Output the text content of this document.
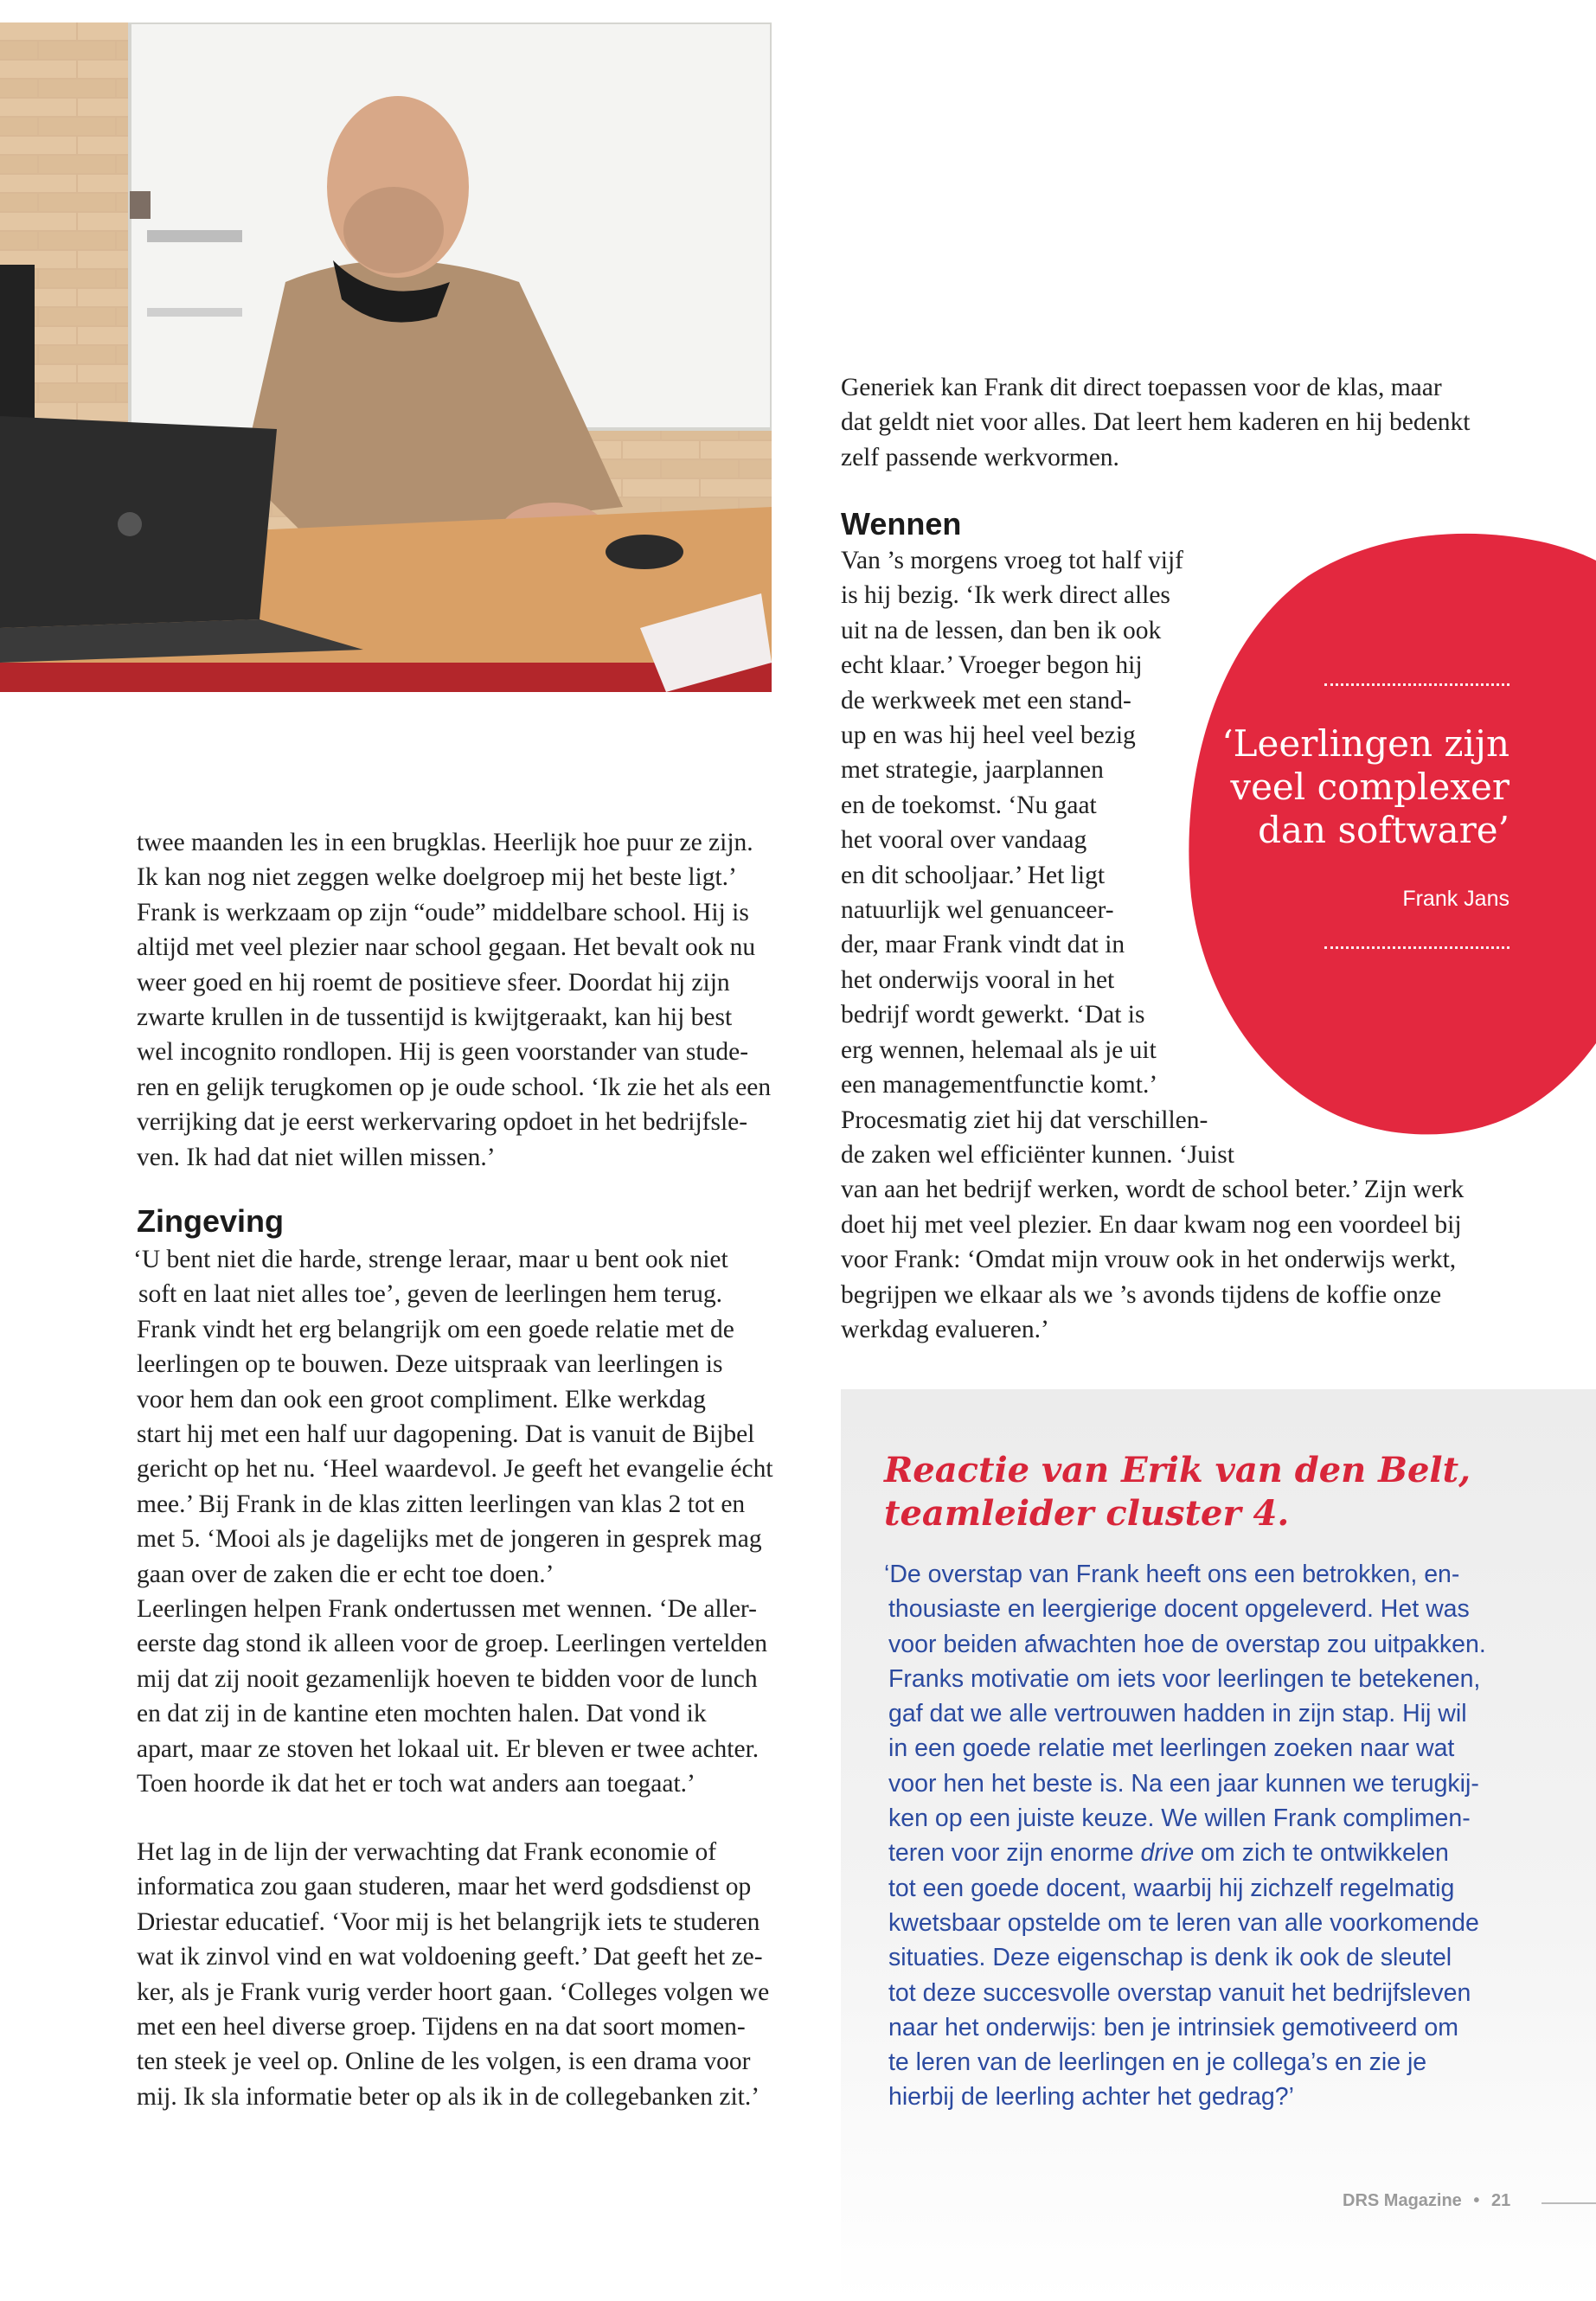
Generiek kan Frank dit direct toepassen voor de klas, maar

dat geldt niet voor alles. Dat leert hem kaderen en hij bedenkt

zelf passende werkvormen.

‘Leerlingen zijn
veel complexer
dan software’
Frank Jans
Wennen

Van ’s morgens vroeg tot half vijf

is hij bezig. ‘Ik werk direct alles

uit na de lessen, dan ben ik ook

echt klaar.’ Vroeger begon hij

de werkweek met een stand-

up en was hij heel veel bezig

met strategie, jaarplannen

en de toekomst. ‘Nu gaat

het vooral over vandaag

en dit schooljaar.’ Het ligt

natuurlijk wel genuanceer-

der, maar Frank vindt dat in

het onderwijs vooral in het

bedrijf wordt gewerkt. ‘Dat is

erg wennen, helemaal als je uit

een managementfunctie komt.’

Procesmatig ziet hij dat verschillen-

de zaken wel efficiënter kunnen. ‘Juist

van aan het bedrijf werken, wordt de school beter.’ Zijn werk

doet hij met veel plezier. En daar kwam nog een voordeel bij

voor Frank: ‘Omdat mijn vrouw ook in het onderwijs werkt,

begrijpen we elkaar als we ’s avonds tijdens de koffie onze

werkdag evalueren.’

twee maanden les in een brugklas. Heerlijk hoe puur ze zijn.

Ik kan nog niet zeggen welke doelgroep mij het beste ligt.’

Frank is werkzaam op zijn “oude” middelbare school. Hij is

altijd met veel plezier naar school gegaan. Het bevalt ook nu

weer goed en hij roemt de positieve sfeer. Doordat hij zijn

zwarte krullen in de tussentijd is kwijtgeraakt, kan hij best

wel incognito rondlopen. Hij is geen voorstander van stude-

ren en gelijk terugkomen op je oude school. ‘Ik zie het als een

verrijking dat je eerst werkervaring opdoet in het bedrijfsle-

ven. Ik had dat niet willen missen.’

Zingeving

‘U bent niet die harde, strenge leraar, maar u bent ook niet

soft en laat niet alles toe’, geven de leerlingen hem terug.

Frank vindt het erg belangrijk om een goede relatie met de

leerlingen op te bouwen. Deze uitspraak van leerlingen is

voor hem dan ook een groot compliment. Elke werkdag

start hij met een half uur dagopening. Dat is vanuit de Bijbel

gericht op het nu. ‘Heel waardevol. Je geeft het evangelie écht

mee.’ Bij Frank in de klas zitten leerlingen van klas 2 tot en

met 5. ‘Mooi als je dagelijks met de jongeren in gesprek mag

gaan over de zaken die er echt toe doen.’

Leerlingen helpen Frank ondertussen met wennen. ‘De aller-

eerste dag stond ik alleen voor de groep. Leerlingen vertelden

mij dat zij nooit gezamenlijk hoeven te bidden voor de lunch

en dat zij in de kantine eten mochten halen. Dat vond ik

apart, maar ze stoven het lokaal uit. Er bleven er twee achter.

Toen hoorde ik dat het er toch wat anders aan toegaat.’

Het lag in de lijn der verwachting dat Frank economie of

informatica zou gaan studeren, maar het werd godsdienst op

Driestar educatief. ‘Voor mij is het belangrijk iets te studeren

wat ik zinvol vind en wat voldoening geeft.’ Dat geeft het ze-

ker, als je Frank vurig verder hoort gaan. ‘Colleges volgen we

met een heel diverse groep. Tijdens en na dat soort momen-

ten steek je veel op. Online de les volgen, is een drama voor

mij. Ik sla informatie beter op als ik in de collegebanken zit.’

Reactie van Erik van den Belt,
teamleider cluster 4.
‘De overstap van Frank heeft ons een betrokken, en-
thousiaste en leergierige docent opgeleverd. Het was
voor beiden afwachten hoe de overstap zou uitpakken.
Franks motivatie om iets voor leerlingen te betekenen,
gaf dat we alle vertrouwen hadden in zijn stap. Hij wil
in een goede relatie met leerlingen zoeken naar wat
voor hen het beste is. Na een jaar kunnen we terugkij-
ken op een juiste keuze. We willen Frank complimen-
teren voor zijn enorme drive om zich te ontwikkelen
tot een goede docent, waarbij hij zichzelf regelmatig
kwetsbaar opstelde om te leren van alle voorkomende
situaties. Deze eigenschap is denk ik ook de sleutel
tot deze succesvolle overstap vanuit het bedrijfsleven
naar het onderwijs: ben je intrinsiek gemotiveerd om
te leren van de leerlingen en je collega’s en zie je
hierbij de leerling achter het gedrag?’
DRS Magazine • 21
